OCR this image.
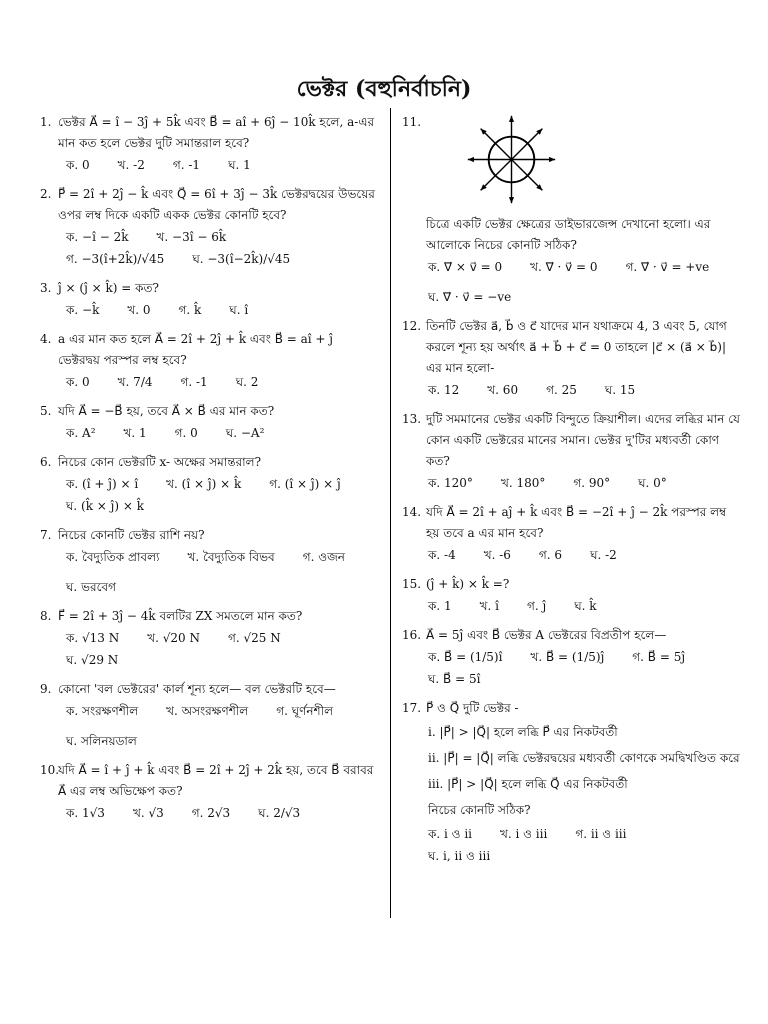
ভেক্টর (বহুনির্বাচনি)
1. ভেক্টর A⃗ = î − 3ĵ + 5k̂ এবং B⃗ = aî + 6ĵ − 10k̂ হলে, a-এর মান কত হলে ভেক্টর দুটি সমান্তরাল হবে?
ক. 0 খ. -2 গ. -1 ঘ. 1
2. P⃗ = 2î + 2ĵ − k̂ এবং Q⃗ = 6î + 3ĵ − 3k̂ ভেক্টরদ্বয়ের উভয়ের ওপর লম্ব দিকে একটি একক ভেক্টর কোনটি হবে?
ক. −î − 2k̂ খ. −3î − 6k̂
গ. −3(î+2k̂)/√45 ঘ. −3(î−2k̂)/√45
3. ĵ × (ĵ × k̂) = কত?
ক. −k̂ খ. 0 গ. k̂ ঘ. î
4. a এর মান কত হলে A⃗ = 2î + 2ĵ + k̂ এবং B⃗ = aî + ĵ ভেক্টরদ্বয় পরস্পর লম্ব হবে?
ক. 0 খ. 7/4 গ. -1 ঘ. 2
5. যদি A⃗ = −B⃗ হয়, তবে A⃗ × B⃗ এর মান কত?
ক. A² খ. 1 গ. 0 ঘ. −A²
6. নিচের কোন ভেক্টরটি x- অক্ষের সমান্তরাল?
ক. (î + ĵ) × î খ. (î × ĵ) × k̂ গ. (î × ĵ) × ĵ
ঘ. (k̂ × ĵ) × k̂
7. নিচের কোনটি ভেক্টর রাশি নয়?
ক. বৈদ্যুতিক প্রাবল্য খ. বৈদ্যুতিক বিভব গ. ওজন
ঘ. ভরবেগ
8. F⃗ = 2î + 3ĵ − 4k̂ বলটির ZX সমতলে মান কত?
ক. √13 N খ. √20 N গ. √25 N
ঘ. √29 N
9. কোনো 'বল ভেক্টরের' কার্ল শূন্য হলে— বল ভেক্টরটি হবে—
ক. সংরক্ষণশীল খ. অসংরক্ষণশীল গ. ঘূর্ণনশীল
ঘ. সলিনয়ডাল
10.
যদি A⃗ = î + ĵ + k̂ এবং B⃗ = 2î + 2ĵ + 2k̂ হয়, তবে B⃗ বরাবর A⃗ এর লম্ব অভিক্ষেপ কত?
ক. 1√3 খ. √3 গ. 2√3 ঘ. 2/√3
11.
চিত্রে একটি ভেক্টর ক্ষেত্রের ডাইভারজেন্স দেখানো হলো। এর আলোকে নিচের কোনটি সঠিক?
ক. ∇⃗ × v⃗ = 0 খ. ∇⃗ · v⃗ = 0 গ. ∇⃗ · v⃗ = +ve
ঘ. ∇⃗ · v⃗ = −ve
12. তিনটি ভেক্টর a⃗, b⃗ ও c⃗ যাদের মান যথাক্রমে 4, 3 এবং 5, যোগ করলে শূন্য হয় অর্থাৎ a⃗ + b⃗ + c⃗ = 0 তাহলে |c⃗ × (a⃗ × b⃗)| এর মান হলো-
ক. 12 খ. 60 গ. 25 ঘ. 15
13. দুটি সমমানের ভেক্টর একটি বিন্দুতে ক্রিয়াশীল। এদের লব্ধির মান যে কোন একটি ভেক্টরের মানের সমান। ভেক্টর দু'টির মধ্যবর্তী কোণ কত?
ক. 120° খ. 180° গ. 90° ঘ. 0°
14. যদি A⃗ = 2î + aĵ + k̂ এবং B⃗ = −2î + ĵ − 2k̂ পরস্পর লম্ব হয় তবে a এর মান হবে?
ক. -4 খ. -6 গ. 6 ঘ. -2
15. (ĵ + k̂) × k̂ =?
ক. 1 খ. î গ. ĵ ঘ. k̂
16. A⃗ = 5ĵ এবং B⃗ ভেক্টর A ভেক্টরের বিপ্রতীপ হলে—
ক. B⃗ = (1/5)î খ. B⃗ = (1/5)ĵ গ. B⃗ = 5ĵ
ঘ. B⃗ = 5î
17. P⃗ ও Q⃗ দুটি ভেক্টর -
i. |P⃗| > |Q⃗| হলে লব্ধি P⃗ এর নিকটবর্তী
ii. |P⃗| = |Q⃗| লব্ধি ভেক্টরদ্বয়ের মধ্যবর্তী কোণকে সমদ্বিখণ্ডিত করে
iii. |P⃗| > |Q⃗| হলে লব্ধি Q⃗ এর নিকটবর্তী
নিচের কোনটি সঠিক?
ক. i ও ii খ. i ও iii গ. ii ও iii
ঘ. i, ii ও iii
